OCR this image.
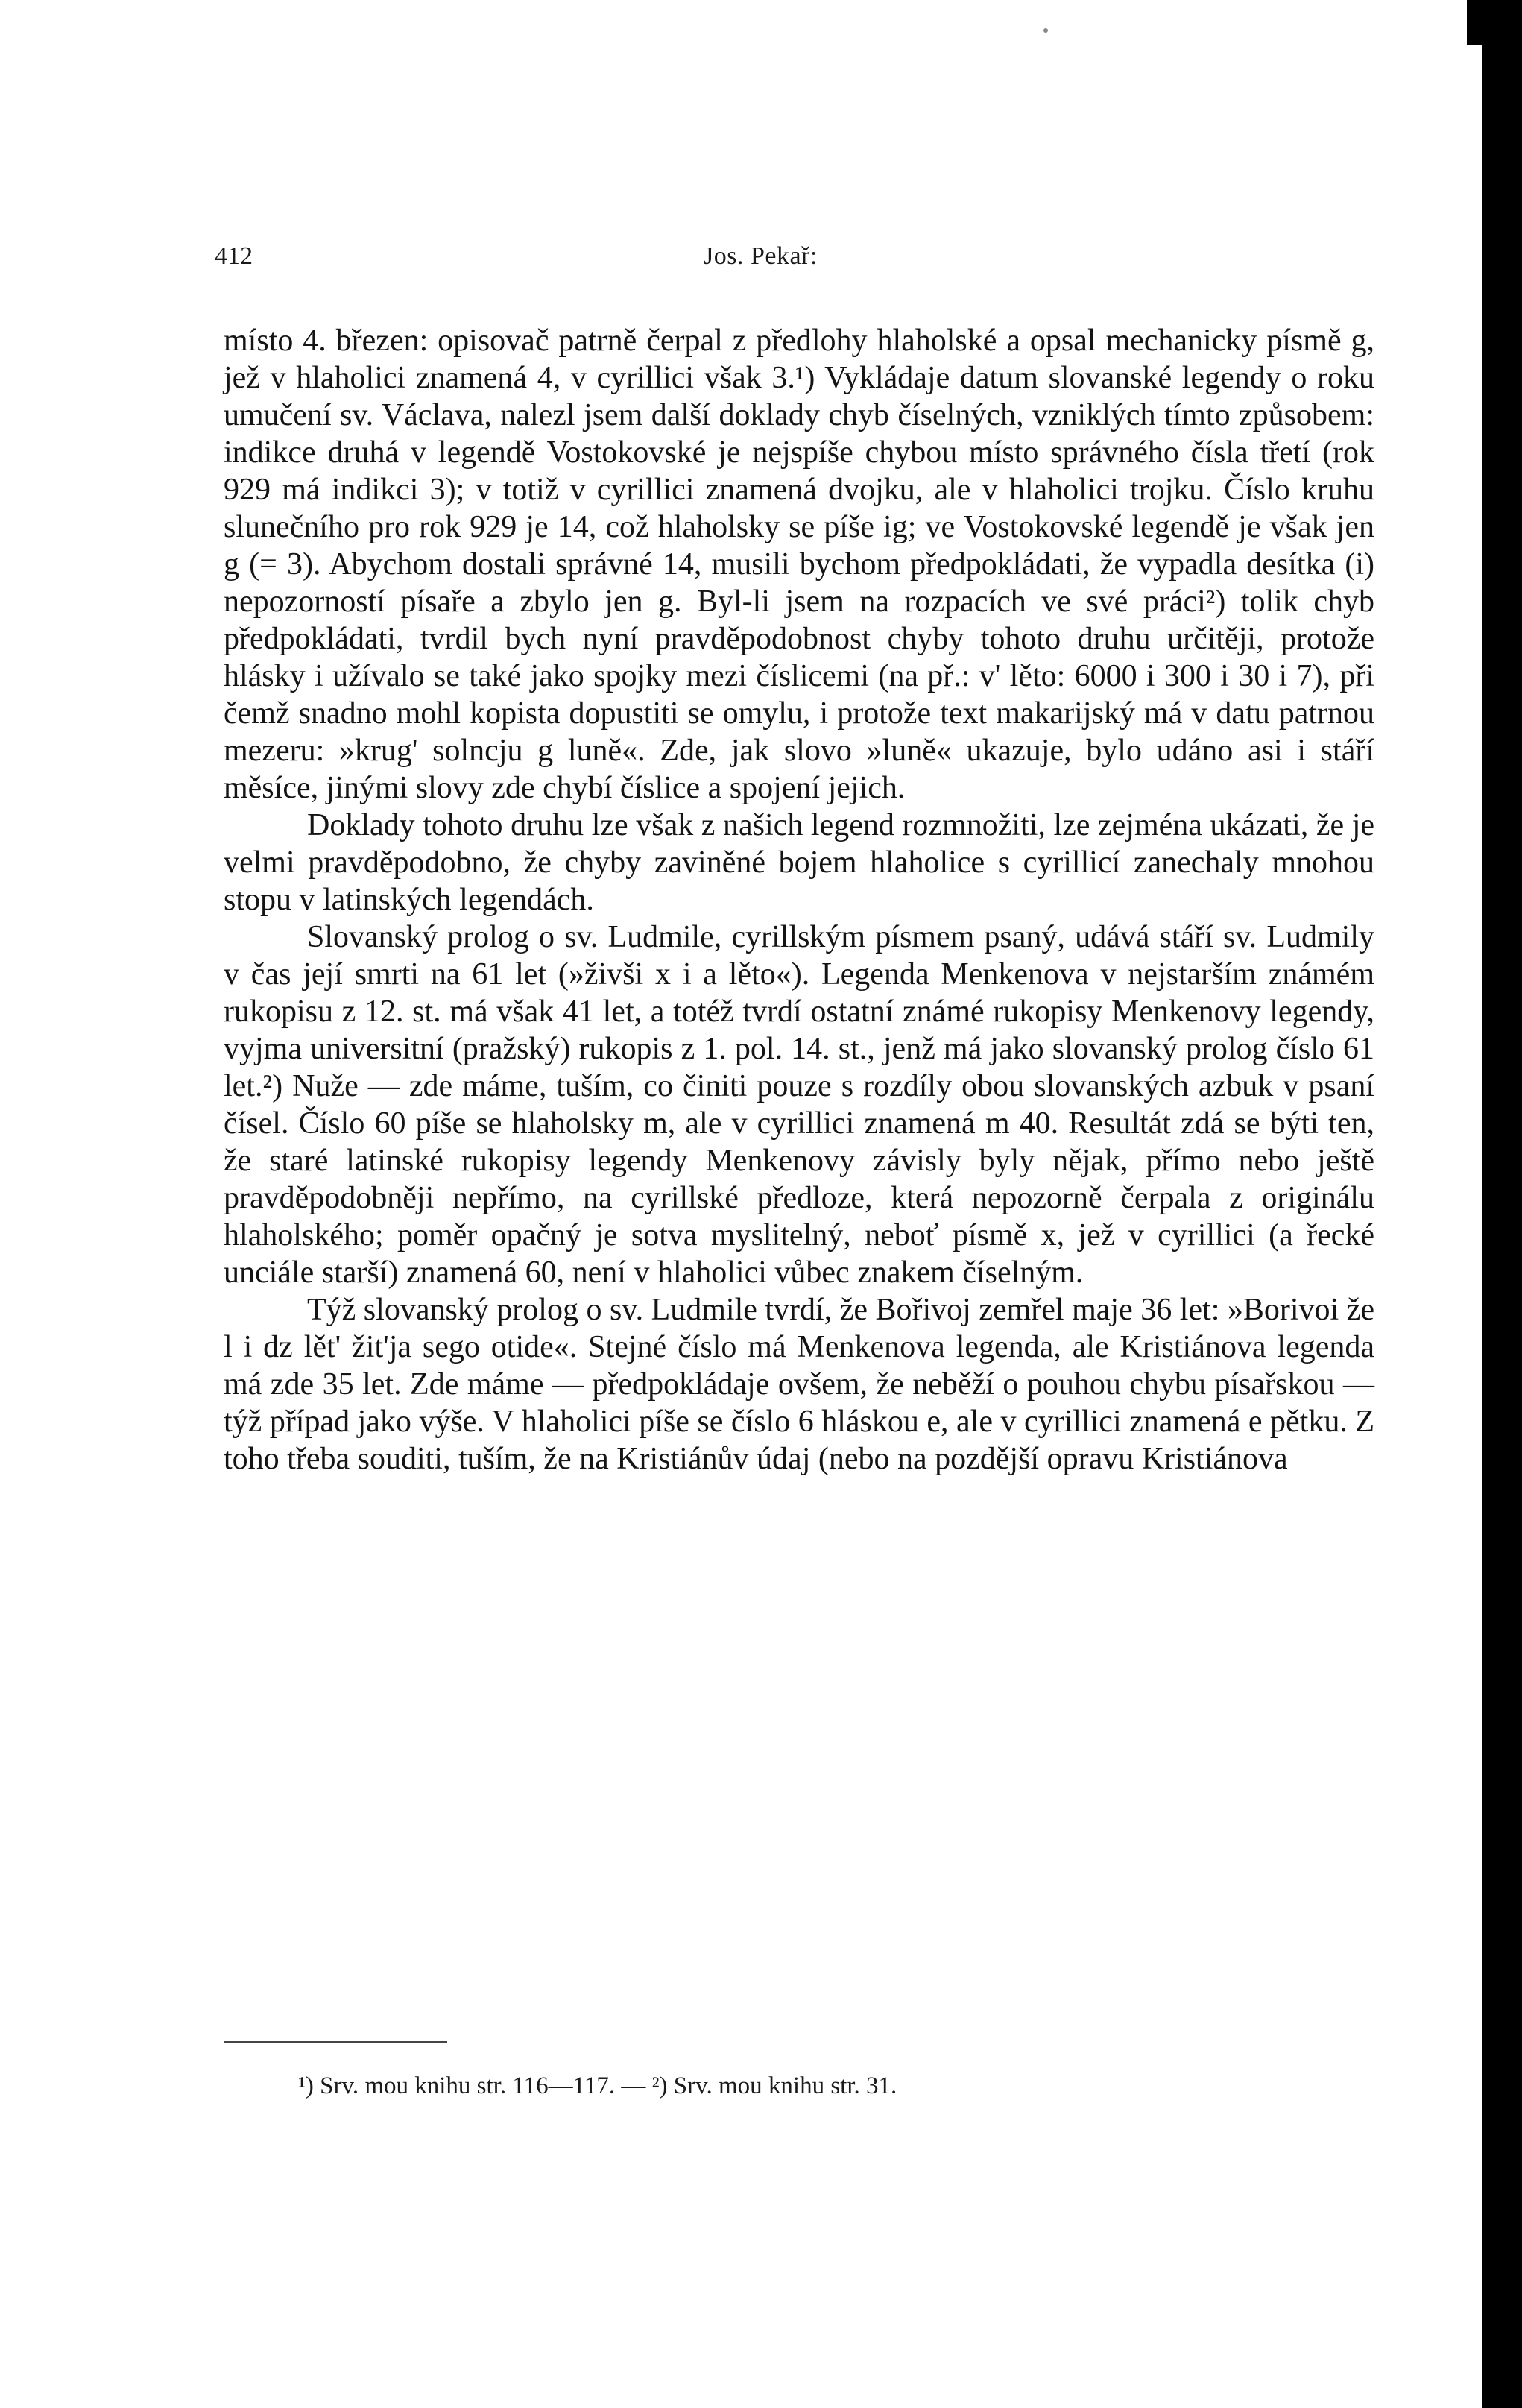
412	Jos. Pekař:

místo 4. březen: opisovač patrně čerpal z předlohy hlaholské a opsal mechanicky písmě g, jež v hlaholici znamená 4, v cyrillici však 3.¹) Vykládaje datum slovanské legendy o roku umučení sv. Václava, nalezl jsem další doklady chyb číselných, vzniklých tímto způsobem: indikce druhá v legendě Vostokovské je nejspíše chybou místo správného čísla třetí (rok 929 má indikci 3); v totiž v cyrillici znamená dvojku, ale v hlaholici trojku. Číslo kruhu slunečního pro rok 929 je 14, což hlaholsky se píše ig; ve Vostokovské legendě je však jen g (= 3). Abychom dostali správné 14, musili bychom předpokládati, že vypadla desítka (i) nepozorností písaře a zbylo jen g. Byl-li jsem na rozpacích ve své práci²) tolik chyb předpokládati, tvrdil bych nyní pravděpodobnost chyby tohoto druhu určitěji, protože hlásky i užívalo se také jako spojky mezi číslicemi (na př.: v' lěto: 6000 i 300 i 30 i 7), při čemž snadno mohl kopista dopustiti se omylu, i protože text makarijský má v datu patrnou mezeru: »krug' solncju g luně«. Zde, jak slovo »luně« ukazuje, bylo udáno asi i stáří měsíce, jinými slovy zde chybí číslice a spojení jejich.

Doklady tohoto druhu lze však z našich legend rozmnožiti, lze zejména ukázati, že je velmi pravděpodobno, že chyby zaviněné bojem hlaholice s cyrillicí zanechaly mnohou stopu v latinských legendách.

Slovanský prolog o sv. Ludmile, cyrillským písmem psaný, udává stáří sv. Ludmily v čas její smrti na 61 let (»živši x i a lěto«). Legenda Menkenova v nejstarším známém rukopisu z 12. st. má však 41 let, a totéž tvrdí ostatní známé rukopisy Menkenovy legendy, vyjma universitní (pražský) rukopis z 1. pol. 14. st., jenž má jako slovanský prolog číslo 61 let.²) Nuže — zde máme, tuším, co činiti pouze s rozdíly obou slovanských azbuk v psaní čísel. Číslo 60 píše se hlaholsky m, ale v cyrillici znamená m 40. Resultát zdá se býti ten, že staré latinské rukopisy legendy Menkenovy závisly byly nějak, přímo nebo ještě pravděpodobněji nepřímo, na cyrillské předloze, která nepozorně čerpala z originálu hlaholského; poměr opačný je sotva myslitelný, neboť písmě x, jež v cyrillici (a řecké unciále starší) znamená 60, není v hlaholici vůbec znakem číselným.

Týž slovanský prolog o sv. Ludmile tvrdí, že Bořivoj zemřel maje 36 let: »Borivoi že l i dz lět' žit'ja sego otide«. Stejné číslo má Menkenova legenda, ale Kristiánova legenda má zde 35 let. Zde máme — předpokládaje ovšem, že neběží o pouhou chybu písařskou — týž případ jako výše. V hlaholici píše se číslo 6 hláskou e, ale v cyrillici znamená e pětku. Z toho třeba souditi, tuším, že na Kristiánův údaj (nebo na pozdější opravu Kristiánova

¹) Srv. mou knihu str. 116—117. — ²) Srv. mou knihu str. 31.
